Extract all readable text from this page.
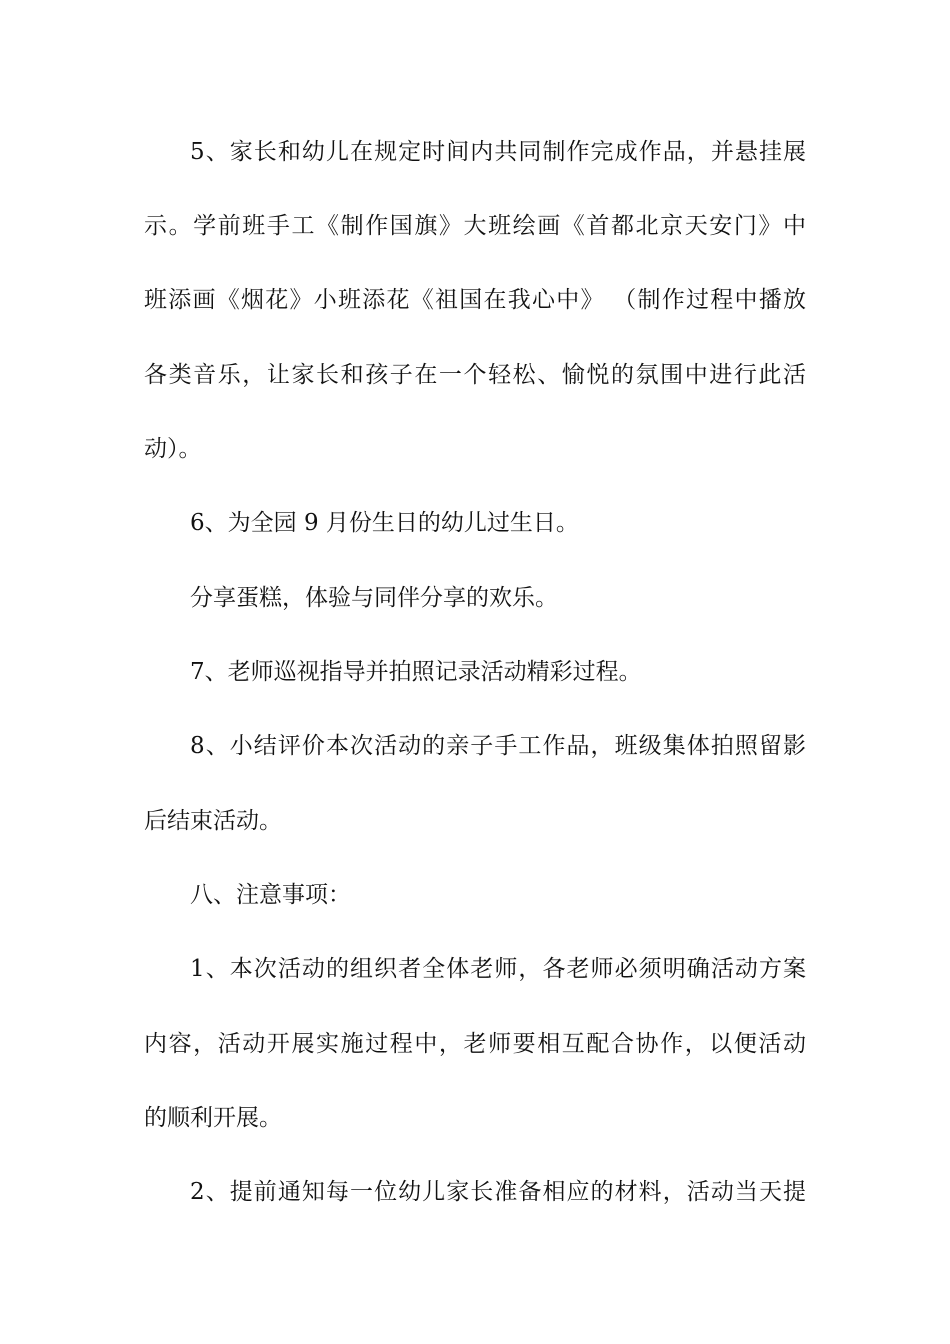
5、家长和幼儿在规定时间内共同制作完成作品，并悬挂展
示。学前班手工《制作国旗》大班绘画《首都北京天安门》中
班添画《烟花》小班添花《祖国在我心中》 （制作过程中播放
各类音乐，让家长和孩子在一个轻松、愉悦的氛围中进行此活
动）。
6、为全园 9 月份生日的幼儿过生日。
分享蛋糕，体验与同伴分享的欢乐。
7、老师巡视指导并拍照记录活动精彩过程。
8、小结评价本次活动的亲子手工作品，班级集体拍照留影
后结束活动。
八、注意事项：
1、本次活动的组织者全体老师，各老师必须明确活动方案
内容，活动开展实施过程中，老师要相互配合协作，以便活动
的顺利开展。
2、提前通知每一位幼儿家长准备相应的材料，活动当天提
